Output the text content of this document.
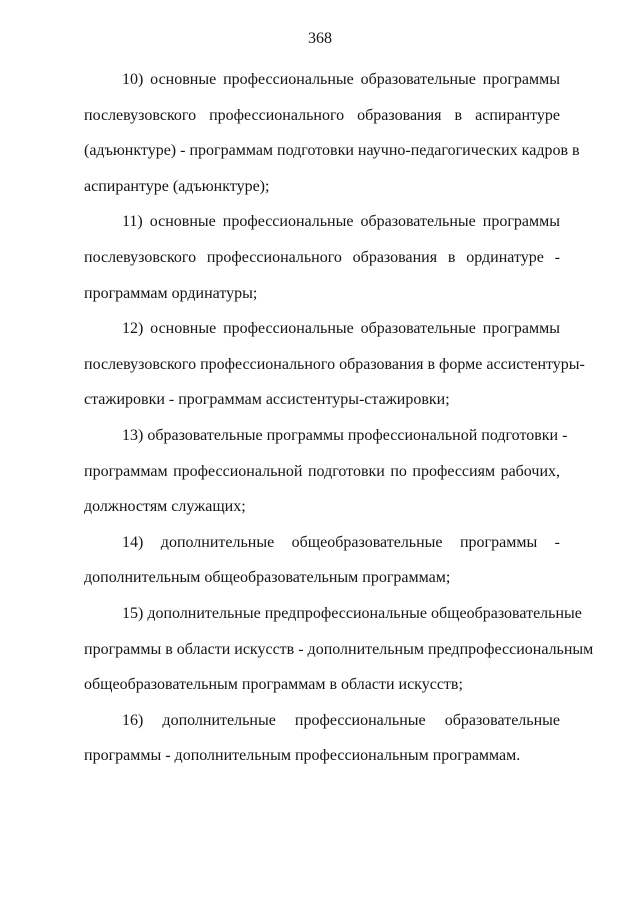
368
10) основные профессиональные образовательные программы
послевузовского профессионального образования в аспирантуре
(адъюнктуре) - программам подготовки научно-педагогических кадров в
аспирантуре (адъюнктуре);
11) основные профессиональные образовательные программы
послевузовского профессионального образования в ординатуре -
программам ординатуры;
12) основные профессиональные образовательные программы
послевузовского профессионального образования в форме ассистентуры-
стажировки - программам ассистентуры-стажировки;
13) образовательные программы профессиональной подготовки -
программам профессиональной подготовки по профессиям рабочих,
должностям служащих;
14) дополнительные общеобразовательные программы -
дополнительным общеобразовательным программам;
15) дополнительные предпрофессиональные общеобразовательные
программы в области искусств - дополнительным предпрофессиональным
общеобразовательным программам в области искусств;
16) дополнительные профессиональные образовательные
программы - дополнительным профессиональным программам.
